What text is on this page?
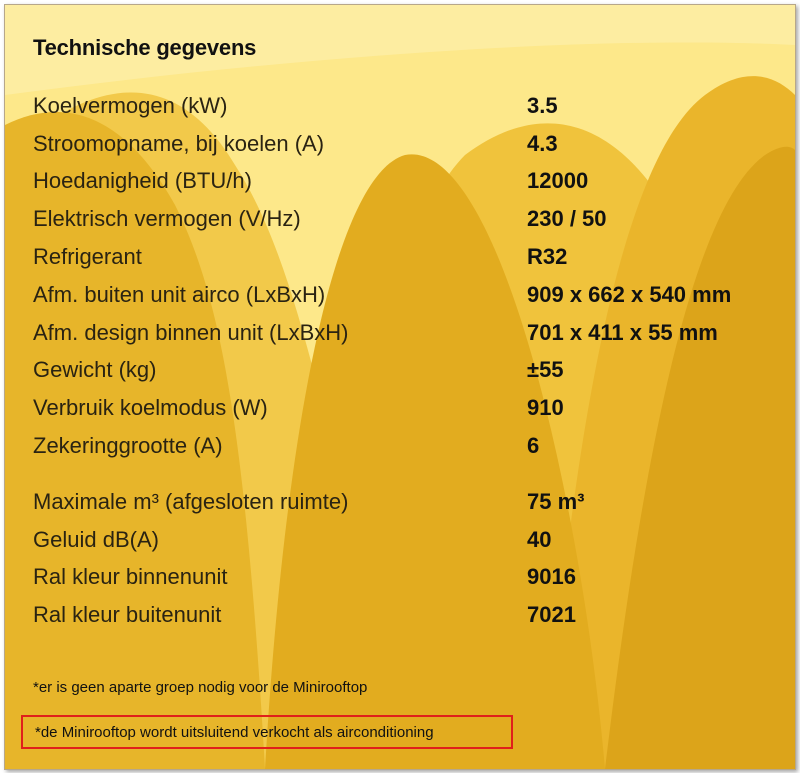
Technische gegevens
Koelvermogen (kW)	3.5
Stroomopname, bij koelen (A)	4.3
Hoedanigheid (BTU/h)	12000
Elektrisch vermogen (V/Hz)	230 / 50
Refrigerant	R32
Afm. buiten unit airco (LxBxH)	909 x 662 x 540 mm
Afm. design binnen unit (LxBxH)	701 x 411 x 55 mm
Gewicht (kg)	±55
Verbruik koelmodus (W)	910
Zekeringgrootte (A)	6
Maximale m³ (afgesloten ruimte)	75 m³
Geluid dB(A)	40
Ral kleur binnenunit	9016
Ral kleur buitenunit	7021
*er is geen aparte groep nodig voor de Minirooftop
*de Minirooftop wordt uitsluitend verkocht als airconditioning
